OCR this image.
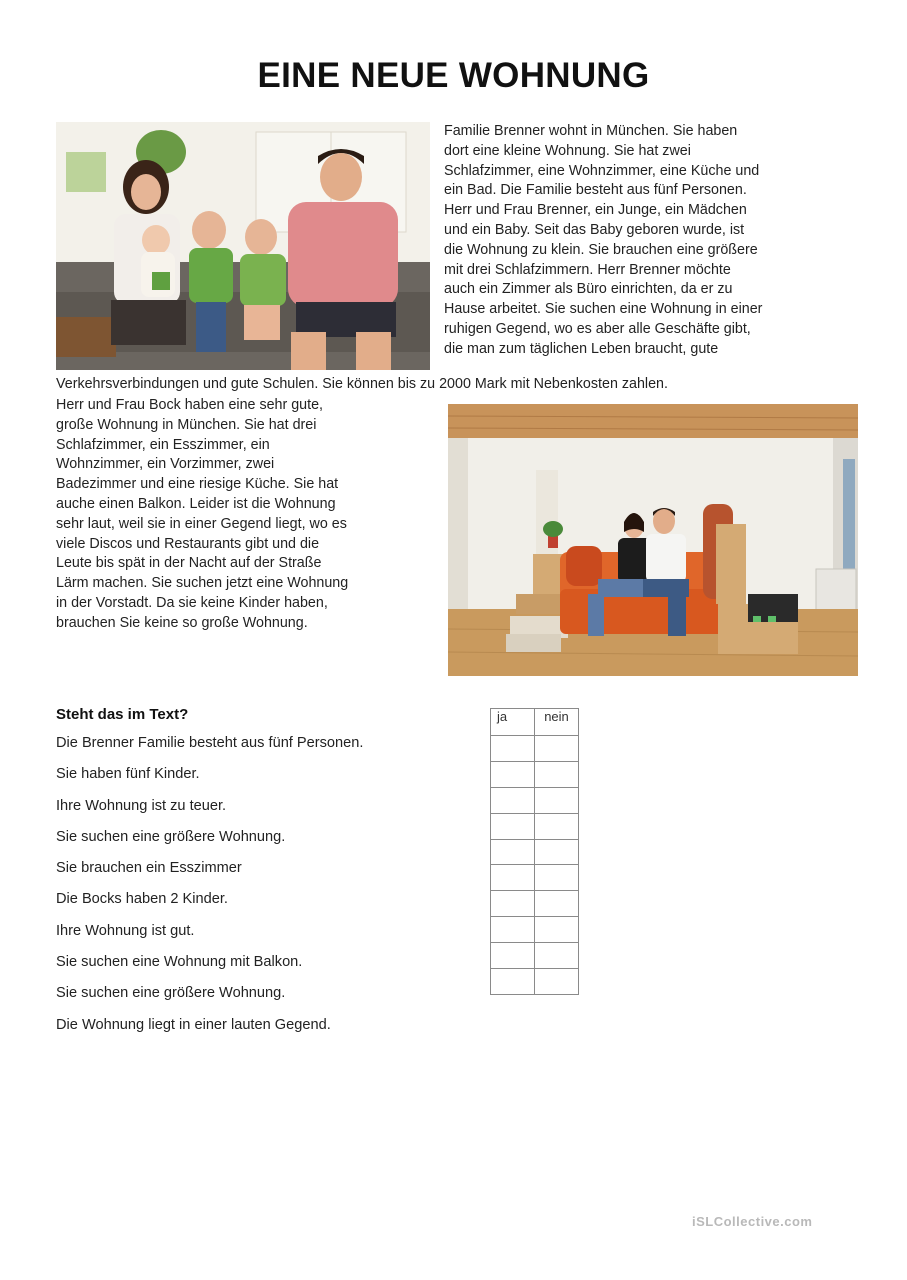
EINE NEUE WOHNUNG
Familie Brenner wohnt in München. Sie haben
dort eine kleine Wohnung. Sie hat zwei
Schlafzimmer, eine Wohnzimmer, eine Küche und
ein Bad. Die Familie besteht aus fünf Personen.
Herr und Frau Brenner, ein Junge, ein Mädchen
und ein Baby. Seit das Baby geboren wurde, ist
die Wohnung zu klein. Sie brauchen eine größere
mit drei Schlafzimmern. Herr Brenner möchte
auch ein Zimmer als Büro einrichten, da er zu
Hause arbeitet. Sie suchen eine Wohnung in einer
ruhigen Gegend, wo es aber alle Geschäfte gibt,
die man zum täglichen Leben braucht, gute
Verkehrsverbindungen und gute Schulen. Sie können bis zu 2000 Mark mit Nebenkosten zahlen.
Herr und Frau Bock haben eine sehr gute,
große Wohnung in München. Sie hat drei
Schlafzimmer, ein Esszimmer, ein
Wohnzimmer, ein Vorzimmer, zwei
Badezimmer und eine riesige Küche. Sie hat
auche einen Balkon. Leider ist die Wohnung
sehr laut, weil sie in einer Gegend liegt, wo es
viele Discos und Restaurants gibt und die
Leute bis spät in der Nacht auf der Straße
Lärm machen. Sie suchen jetzt eine Wohnung
in der Vorstadt. Da sie keine Kinder haben,
brauchen Sie keine so große Wohnung.
Steht das im Text?
Die Brenner Familie besteht aus fünf Personen.
Sie haben fünf Kinder.
Ihre Wohnung ist zu teuer.
Sie suchen eine größere Wohnung.
Sie brauchen ein Esszimmer
Die Bocks haben 2 Kinder.
Ihre Wohnung ist gut.
Sie suchen eine Wohnung mit Balkon.
Sie suchen eine größere Wohnung.
Die Wohnung liegt in einer lauten Gegend.
ja	nein

iSLCollective.com
